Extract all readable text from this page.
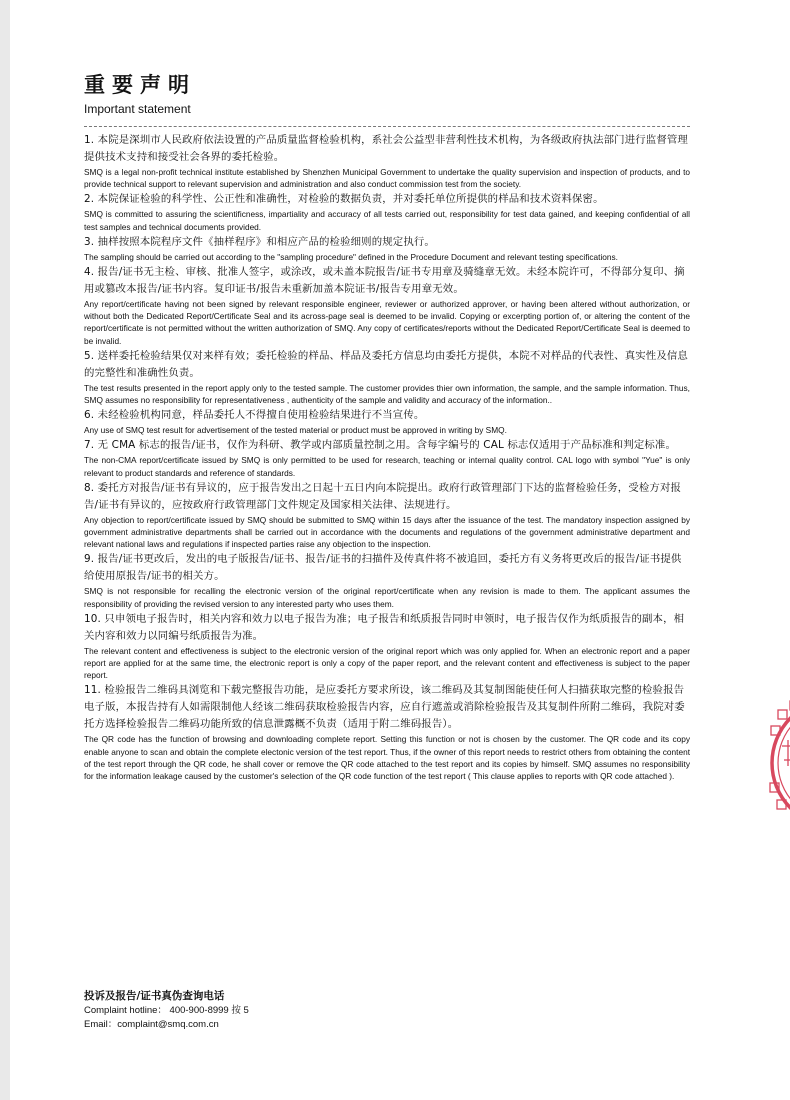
重要声明
Important statement
1. 本院是深圳市人民政府依法设置的产品质量监督检验机构，系社会公益型非营利性技术机构，为各级政府执法部门进行监督管理提供技术支持和接受社会各界的委托检验。
SMQ is a legal non-profit technical institute established by Shenzhen Municipal Government to undertake the quality supervision and inspection of products, and to provide technical support to relevant supervision and administration and also conduct commission test from the society.
2. 本院保证检验的科学性、公正性和准确性，对检验的数据负责，并对委托单位所提供的样品和技术资料保密。
SMQ is committed to assuring the scientificness, impartiality and accuracy of all tests carried out, responsibility for test data gained, and keeping confidential of all test samples and technical documents provided.
3. 抽样按照本院程序文件《抽样程序》和相应产品的检验细则的规定执行。
The sampling should be carried out according to the "sampling procedure" defined in the Procedure Document and relevant testing specifications.
4. 报告/证书无主检、审核、批准人签字，或涂改，或未盖本院报告/证书专用章及骑缝章无效。未经本院许可，不得部分复印、摘用或篡改本报告/证书内容。复印证书/报告未重新加盖本院证书/报告专用章无效。
Any report/certificate having not been signed by relevant responsible engineer, reviewer or authorized approver, or having been altered without authorization, or without both the Dedicated Report/Certificate Seal and its across-page seal is deemed to be invalid. Copying or excerpting portion of, or altering the content of the report/certificate is not permitted without the written authorization of SMQ. Any copy of certificates/reports without the Dedicated Report/Certificate Seal is deemed to be invalid.
5. 送样委托检验结果仅对来样有效；委托检验的样品、样品及委托方信息均由委托方提供，本院不对样品的代表性、真实性及信息的完整性和准确性负责。
The test results presented in the report apply only to the tested sample. The customer provides thier own information, the sample, and the sample information. Thus, SMQ assumes no responsibility for representativeness , authenticity of the sample and validity and accuracy of the information..
6. 未经检验机构同意，样品委托人不得擅自使用检验结果进行不当宣传。
Any use of SMQ test result for advertisement of the tested material or product must be approved in writing by SMQ.
7. 无 CMA 标志的报告/证书，仅作为科研、教学或内部质量控制之用。含每字编号的 CAL 标志仅适用于产品标准和判定标准。
The non-CMA report/certificate issued by SMQ is only permitted to be used for research, teaching or internal quality control. CAL logo with symbol "Yue" is only relevant to product standards and reference of standards.
8. 委托方对报告/证书有异议的，应于报告发出之日起十五日内向本院提出。政府行政管理部门下达的监督检验任务，受检方对报告/证书有异议的，应按政府行政管理部门文件规定及国家相关法律、法规进行。
Any objection to report/certificate issued by SMQ should be submitted to SMQ within 15 days after the issuance of the test. The mandatory inspection assigned by government administrative departments shall be carried out in accordance with the documents and regulations of the government administrative department and relevant national laws and regulations if inspected parties raise any objection to the inspection.
9. 报告/证书更改后，发出的电子版报告/证书、报告/证书的扫描件及传真件将不被追回，委托方有义务将更改后的报告/证书提供给使用原报告/证书的相关方。
SMQ is not responsible for recalling the electronic version of the original report/certificate when any revision is made to them. The applicant assumes the responsibility of providing the revised version to any interested party who uses them.
10. 只申领电子报告时，相关内容和效力以电子报告为准；电子报告和纸质报告同时申领时，电子报告仅作为纸质报告的副本，相关内容和效力以同编号纸质报告为准。
The relevant content and effectiveness is subject to the electronic version of the original report which was only applied for. When an electronic report and a paper report are applied for at the same time, the electronic report is only a copy of the paper report, and the relevant content and effectiveness is subject to the paper report.
11. 检验报告二维码具浏览和下载完整报告功能，是应委托方要求所设，该二维码及其复制图能使任何人扫描获取完整的检验报告电子版，本报告持有人如需限制他人经该二维码获取检验报告内容，应自行遮盖或消除检验报告及其复制件所附二维码，我院对委托方选择检验报告二维码功能所致的信息泄露概不负责（适用于附二维码报告）。
The QR code has the function of browsing and downloading complete report. Setting this function or not is chosen by the customer. The QR code and its copy enable anyone to scan and obtain the complete electonic version of the test report. Thus, if the owner of this report needs to restrict others from obtaining the content of the test report through the QR code, he shall cover or remove the QR code attached to the test report and its copies by himself. SMQ assumes no responsibility for the information leakage caused by the customer's selection of the QR code function of the test report ( This clause applies to reports with QR code attached ).
投诉及报告/证书真伪查询电话
Complaint hotline： 400-900-8999 按 5
Email：complaint@smq.com.cn
